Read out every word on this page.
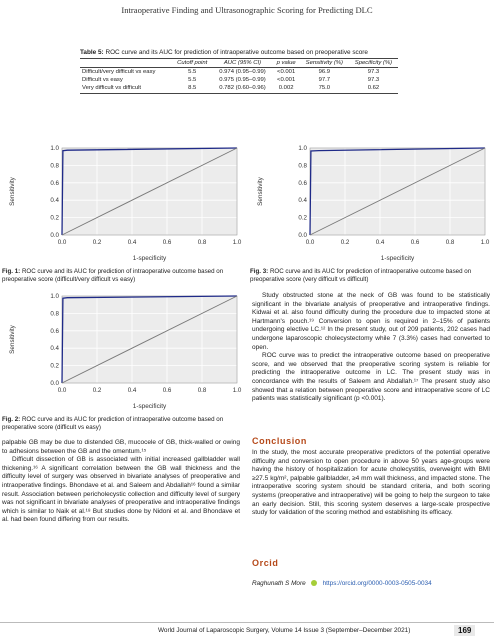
Intraoperative Finding and Ultrasonographic Scoring for Predicting DLC
Table 5: ROC curve and its AUC for prediction of intraoperative outcome based on preoperative score
	Cutoff point	AUC (95% CI)	p value	Sensitivity (%)	Specificity (%)
Difficult/very difficult vs easy	5.5	0.974 (0.95–0.99)	<0.001	96.9	97.3
Difficult vs easy	5.5	0.975 (0.95–0.99)	<0.001	97.7	97.3
Very difficult vs difficult	8.5	0.782 (0.60–0.96)	0.002	75.0	0.62
0.0
0.0
0.2
0.2
0.4
0.4
0.6
0.6
0.8
0.8
1.0
1.0
1-specificity
Sensitivity
0.0
0.0
0.2
0.2
0.4
0.4
0.6
0.6
0.8
0.8
1.0
1.0
1-specificity
Sensitivity
0.0
0.0
0.2
0.2
0.4
0.4
0.6
0.6
0.8
0.8
1.0
1.0
1-specificity
Sensitivity
Fig. 1: ROC curve and its AUC for prediction of intraoperative outcome based on preoperative score (difficult/very difficult vs easy)
Fig. 3: ROC curve and its AUC for prediction of intraoperative outcome based on preoperative score (very difficult vs difficult)
Fig. 2: ROC curve and its AUC for prediction of intraoperative outcome based on preoperative score (difficult vs easy)

palpable GB may be due to distended GB, mucocele of GB, thick-walled or owing to adhesions between the GB and the omentum.¹⁵

Difficult dissection of GB is associated with initial increased gallbladder wall thickening.¹⁶ A significant correlation between the GB wall thickness and the difficulty level of surgery was observed in bivariate analyses of preoperative and intraoperative findings. Bhondave et al. and Saleem and Abdallah¹⁶ found a similar result. Association between pericholecystic collection and difficulty level of surgery was not significant in bivariate analyses of preoperative and intraoperative findings which is similar to Naik et al.¹⁸ But studies done by Nidoni et al. and Bhondave et al. had been found differing from our results.

Study obstructed stone at the neck of GB was found to be statistically significant in the bivariate analysis of preoperative and intraoperative findings. Kidwai et al. also found difficulty during the procedure due to impacted stone at Hartmann's pouch.¹⁹ Conversion to open is required in 2–15% of patients undergoing elective LC.¹² In the present study, out of 209 patients, 202 cases had undergone laparoscopic cholecystectomy while 7 (3.3%) cases had converted to open.

ROC curve was to predict the intraoperative outcome based on preoperative score, and we observed that the preoperative scoring system is reliable for predicting the intraoperative outcome in LC. The present study was in concordance with the results of Saleem and Abdallah.¹⁷ The present study also showed that a relation between preoperative score and intraoperative score of LC patients was statistically significant (p <0.001).

Conclusion

In the study, the most accurate preoperative predictors of the potential operative difficulty and conversion to open procedure in above 50 years age-groups were having the history of hospitalization for acute cholecystitis, overweight with BMI ≥27.5 kg/m², palpable gallbladder, ≥4 mm wall thickness, and impacted stone. The intraoperative scoring system should be standard criteria, and both scoring systems (preoperative and intraoperative) will be going to help the surgeon to take an early decision. Still, this scoring system deserves a large-scale prospective study for validation of the scoring method and establishing its efficacy.

Orcid
Raghunath S More	https://orcid.org/0000-0003-0505-0034
World Journal of Laparoscopic Surgery, Volume 14 Issue 3 (September–December 2021)	169
